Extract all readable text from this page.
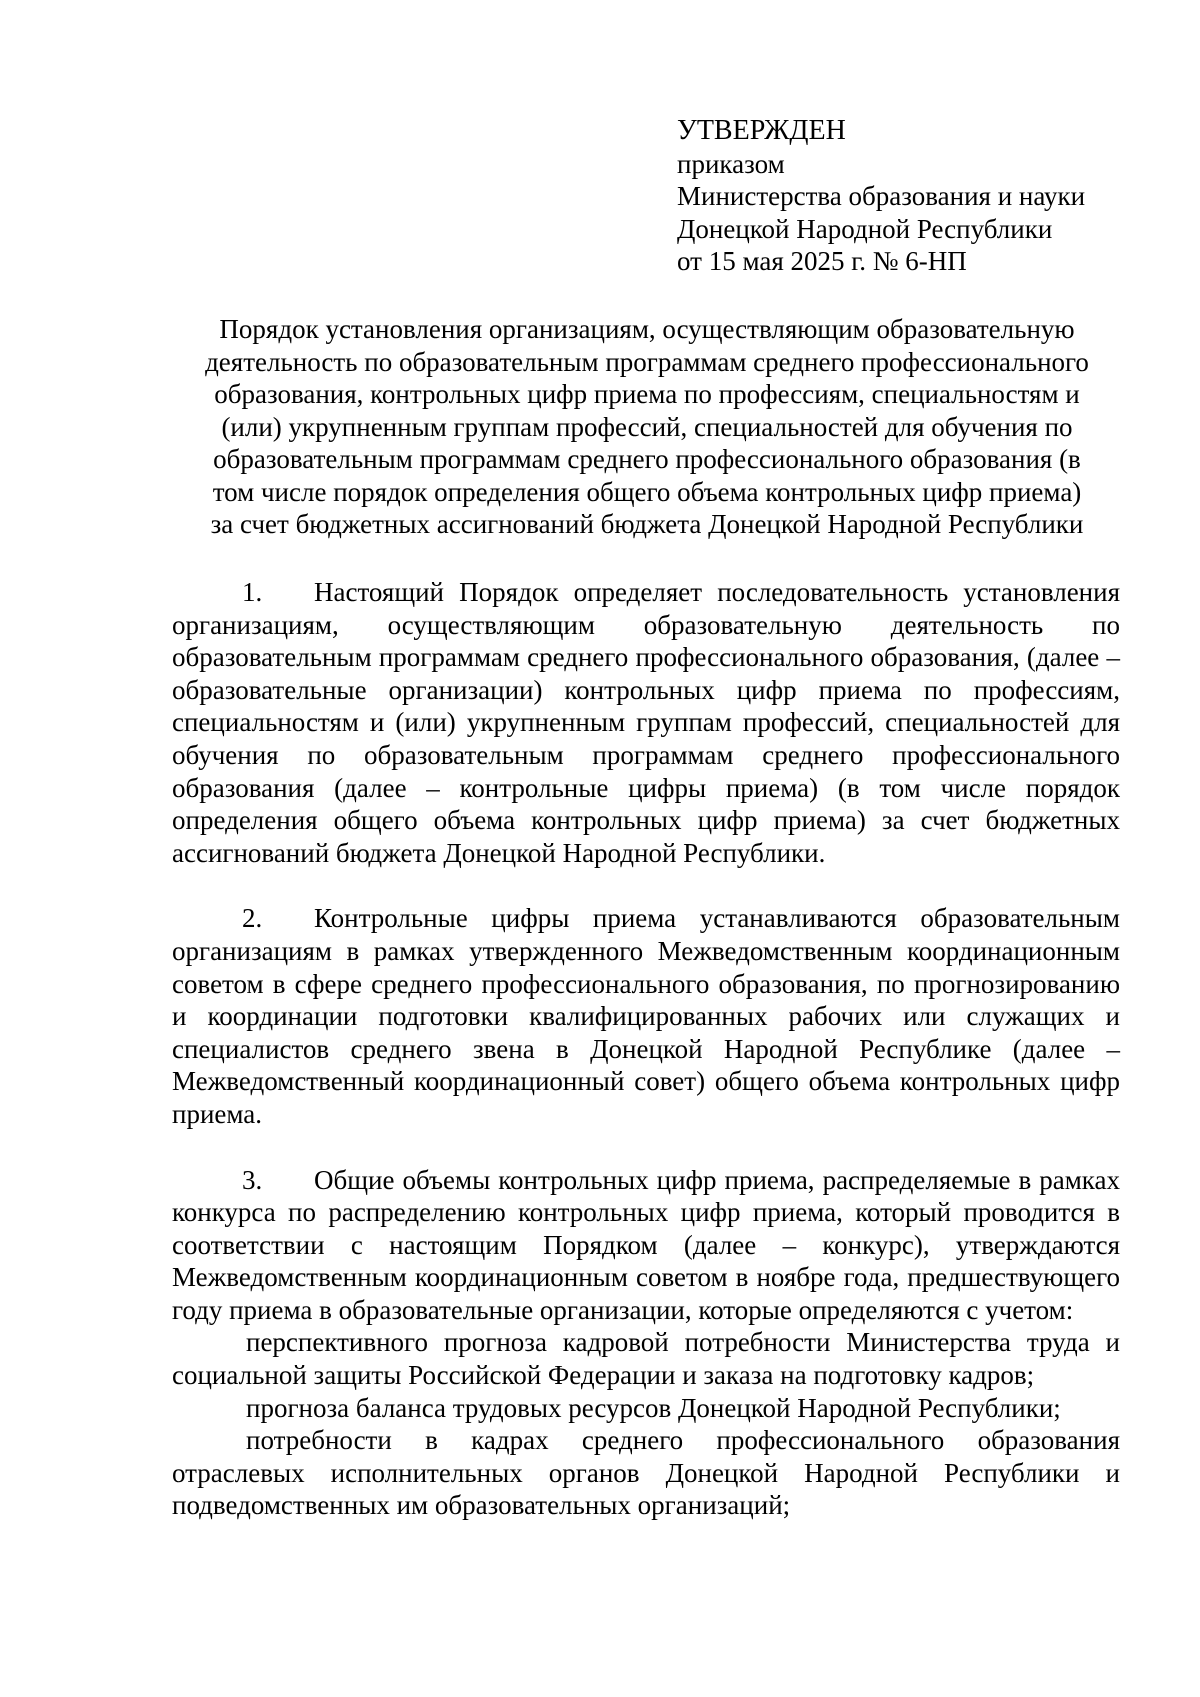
УТВЕРЖДЕН
приказом
Министерства образования и науки
Донецкой Народной Республики
от 15 мая 2025 г. № 6-НП
Порядок установления организациям, осуществляющим образовательную
деятельность по образовательным программам среднего профессионального
образования, контрольных цифр приема по профессиям, специальностям и
(или) укрупненным группам профессий, специальностей для обучения по
образовательным программам среднего профессионального образования (в
том числе порядок определения общего объема контрольных цифр приема)
за счет бюджетных ассигнований бюджета Донецкой Народной Республики

1. Настоящий Порядок определяет последовательность установления организациям, осуществляющим образовательную деятельность по образовательным программам среднего профессионального образования, (далее – образовательные организации) контрольных цифр приема по профессиям, специальностям и (или) укрупненным группам профессий, специальностей для обучения по образовательным программам среднего профессионального образования (далее – контрольные цифры приема) (в том числе порядок определения общего объема контрольных цифр приема) за счет бюджетных ассигнований бюджета Донецкой Народной Республики.

2. Контрольные цифры приема устанавливаются образовательным организациям в рамках утвержденного Межведомственным координационным советом в сфере среднего профессионального образования, по прогнозированию и координации подготовки квалифицированных рабочих или служащих и специалистов среднего звена в Донецкой Народной Республике (далее – Межведомственный координационный совет) общего объема контрольных цифр приема.

3. Общие объемы контрольных цифр приема, распределяемые в рамках конкурса по распределению контрольных цифр приема, который проводится в соответствии с настоящим Порядком (далее – конкурс), утверждаются Межведомственным координационным советом в ноябре года, предшествующего году приема в образовательные организации, которые определяются с учетом:

перспективного прогноза кадровой потребности Министерства труда и социальной защиты Российской Федерации и заказа на подготовку кадров;

прогноза баланса трудовых ресурсов Донецкой Народной Республики;

потребности в кадрах среднего профессионального образования отраслевых исполнительных органов Донецкой Народной Республики и подведомственных им образовательных организаций;
